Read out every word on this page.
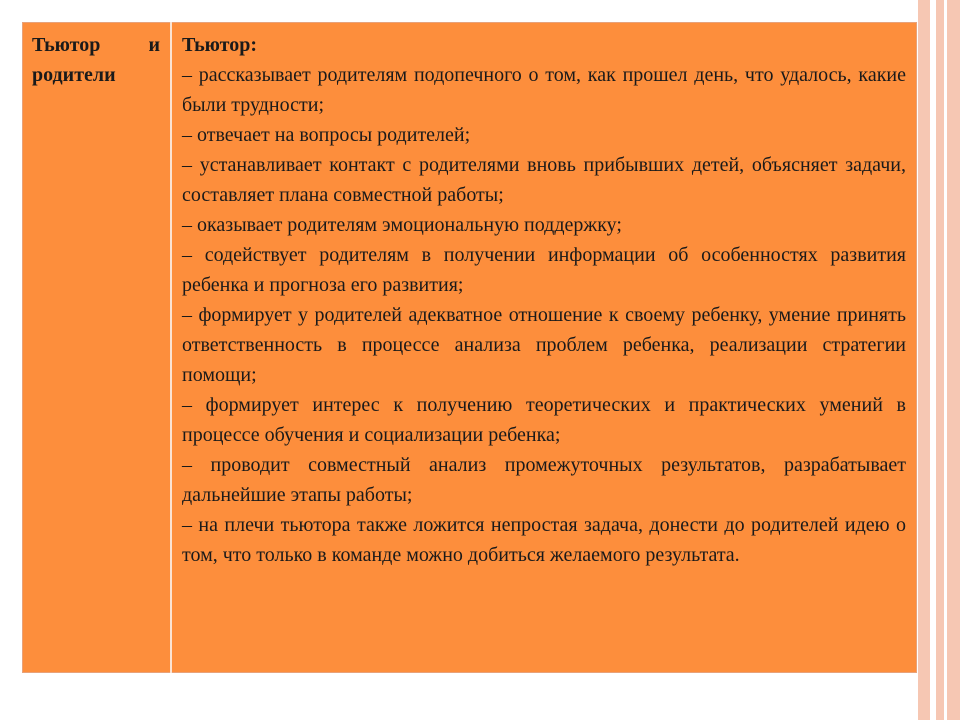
Тьютор и

родители
Тьютор:
– рассказывает родителям подопечного о том, как прошел день, что удалось, какие были трудности;
– отвечает на вопросы родителей;
– устанавливает контакт с родителями вновь прибывших детей, объясняет задачи, составляет плана совместной работы;
– оказывает родителям эмоциональную поддержку;
– содействует родителям в получении информации об особенностях развития ребенка и прогноза его развития;
– формирует у родителей адекватное отношение к своему ребенку, умение принять ответственность в процессе анализа проблем ребенка, реализации стратегии помощи;
– формирует интерес к получению теоретических и практических умений в процессе обучения и социализации ребенка;
– проводит совместный анализ промежуточных результатов, разрабатывает дальнейшие этапы работы;
– на плечи тьютора также ложится непростая задача, донести до родителей идею о том, что только в команде можно добиться желаемого результата.
